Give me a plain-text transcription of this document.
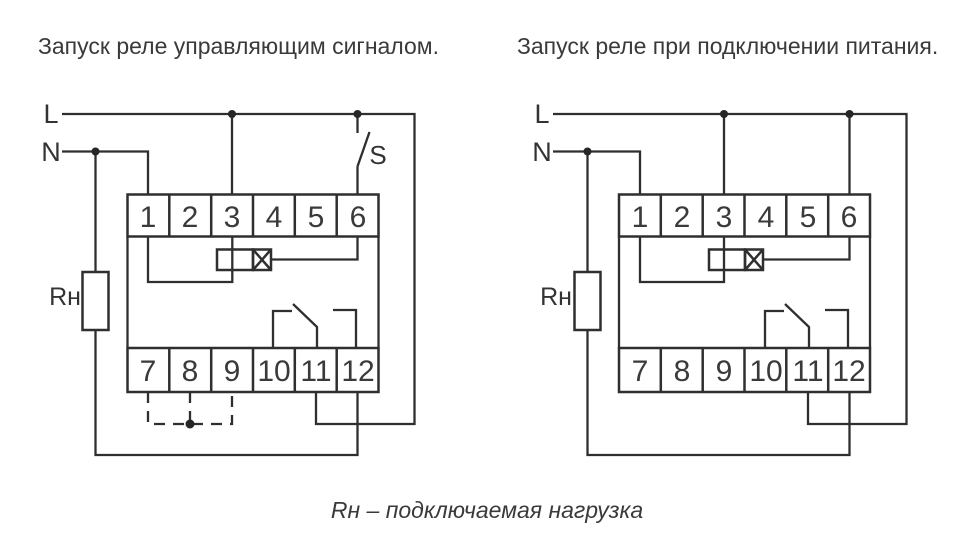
Запуск реле управляющим сигналом.
L
N	S
Rн
1 2 3 4 5 6
7 8 9 10 11 12
Запуск реле при подключении питания.
L
N
Rн
1 2 3 4 5 6
7 8 9 10 11 12
Rн – подключаемая нагрузка
